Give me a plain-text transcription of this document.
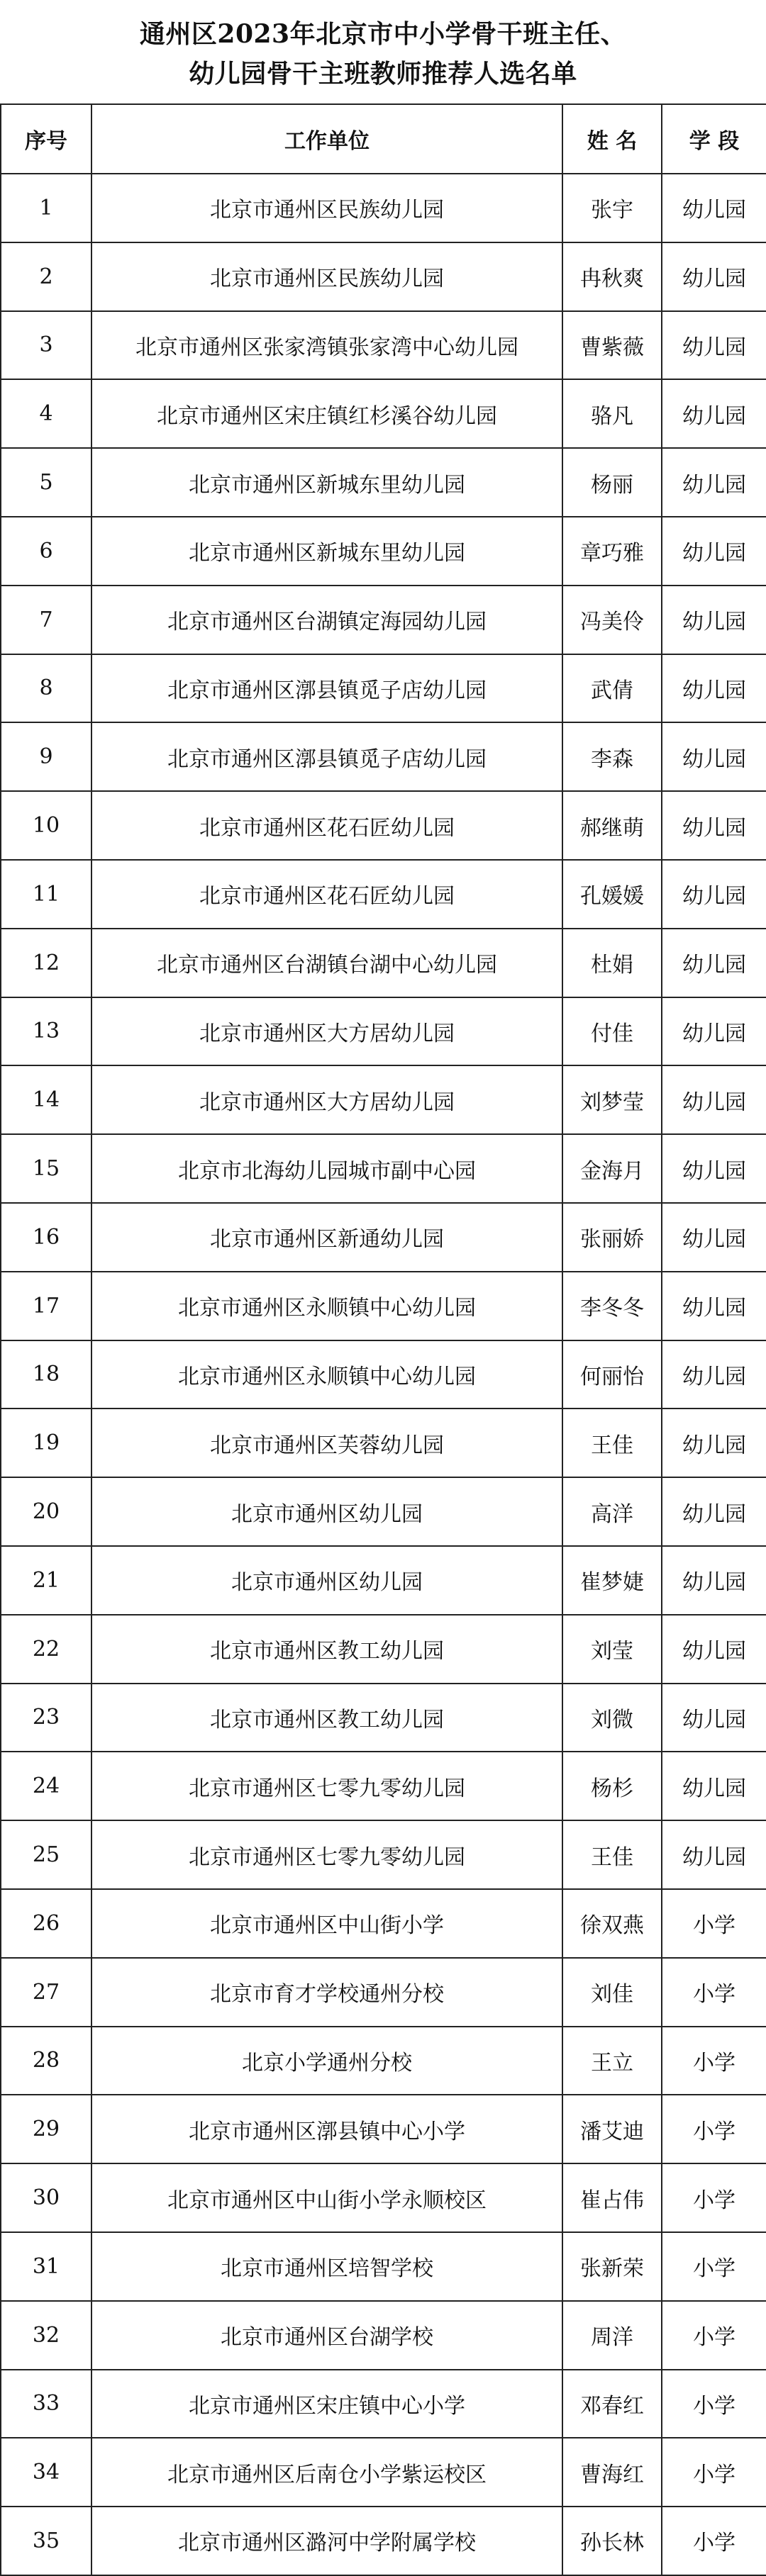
通州区2023年北京市中小学骨干班主任、
幼儿园骨干主班教师推荐人选名单
序号	工作单位	姓 名	学 段
1	北京市通州区民族幼儿园	张宇	幼儿园
2	北京市通州区民族幼儿园	冉秋爽	幼儿园
3	北京市通州区张家湾镇张家湾中心幼儿园	曹紫薇	幼儿园
4	北京市通州区宋庄镇红杉溪谷幼儿园	骆凡	幼儿园
5	北京市通州区新城东里幼儿园	杨丽	幼儿园
6	北京市通州区新城东里幼儿园	章巧雅	幼儿园
7	北京市通州区台湖镇定海园幼儿园	冯美伶	幼儿园
8	北京市通州区漷县镇觅子店幼儿园	武倩	幼儿园
9	北京市通州区漷县镇觅子店幼儿园	李森	幼儿园
10	北京市通州区花石匠幼儿园	郝继萌	幼儿园
11	北京市通州区花石匠幼儿园	孔媛媛	幼儿园
12	北京市通州区台湖镇台湖中心幼儿园	杜娟	幼儿园
13	北京市通州区大方居幼儿园	付佳	幼儿园
14	北京市通州区大方居幼儿园	刘梦莹	幼儿园
15	北京市北海幼儿园城市副中心园	金海月	幼儿园
16	北京市通州区新通幼儿园	张丽娇	幼儿园
17	北京市通州区永顺镇中心幼儿园	李冬冬	幼儿园
18	北京市通州区永顺镇中心幼儿园	何丽怡	幼儿园
19	北京市通州区芙蓉幼儿园	王佳	幼儿园
20	北京市通州区幼儿园	高洋	幼儿园
21	北京市通州区幼儿园	崔梦婕	幼儿园
22	北京市通州区教工幼儿园	刘莹	幼儿园
23	北京市通州区教工幼儿园	刘微	幼儿园
24	北京市通州区七零九零幼儿园	杨杉	幼儿园
25	北京市通州区七零九零幼儿园	王佳	幼儿园
26	北京市通州区中山街小学	徐双燕	小学
27	北京市育才学校通州分校	刘佳	小学
28	北京小学通州分校	王立	小学
29	北京市通州区漷县镇中心小学	潘艾迪	小学
30	北京市通州区中山街小学永顺校区	崔占伟	小学
31	北京市通州区培智学校	张新荣	小学
32	北京市通州区台湖学校	周洋	小学
33	北京市通州区宋庄镇中心小学	邓春红	小学
34	北京市通州区后南仓小学紫运校区	曹海红	小学
35	北京市通州区潞河中学附属学校	孙长林	小学
